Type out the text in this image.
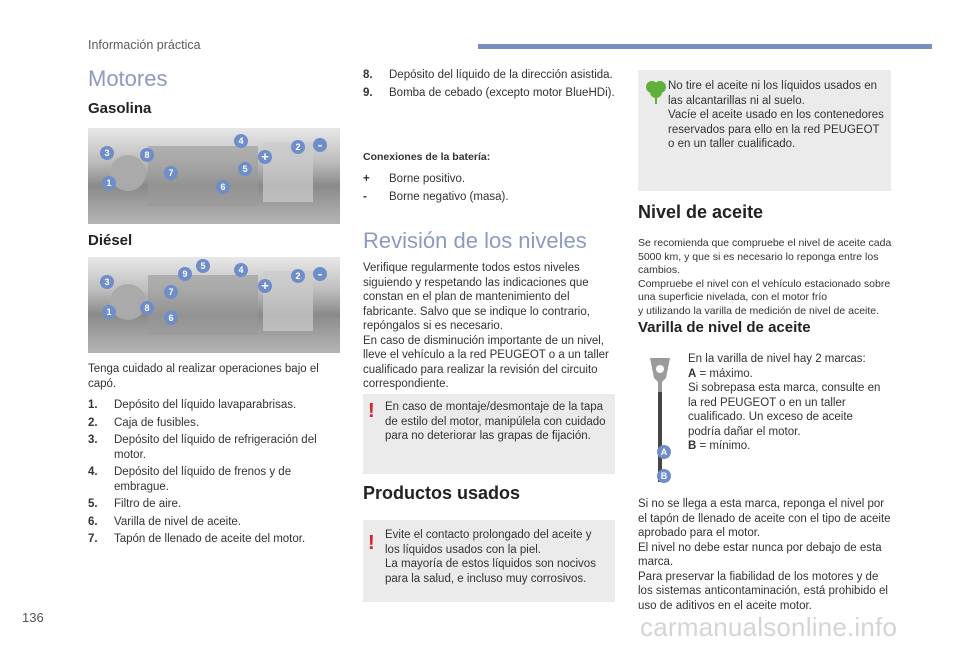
Información práctica
Motores
Gasolina
3	8
7
1
4
5
6
+
2	-
Diésel
5
9	4
3
7
8
1
6
+
2	-

Tenga cuidado al realizar operaciones bajo el capó.

1.	Depósito del líquido lavaparabrisas.
2.	Caja de fusibles.
3.	Depósito del líquido de refrigeración del motor.
4.	Depósito del líquido de frenos y de embrague.
5.	Filtro de aire.
6.	Varilla de nivel de aceite.
7.	Tapón de llenado de aceite del motor.
8.	Depósito del líquido de la dirección asistida.
9.	Bomba de cebado (excepto motor BlueHDi).

Conexiones de la batería:

+	Borne positivo.
-	Borne negativo (masa).
Revisión de los niveles

Verifique regularmente todos estos niveles siguiendo y respetando las indicaciones que constan en el plan de mantenimiento del fabricante. Salvo que se indique lo contrario, repóngalos si es necesario.
En caso de disminución importante de un nivel, lleve el vehículo a la red PEUGEOT o a un taller cualificado para realizar la revisión del circuito correspondiente.

! En caso de montaje/desmontaje de la tapa de estilo del motor, manipúlela con cuidado para no deteriorar las grapas de fijación.

Productos usados
! Evite el contacto prolongado del aceite y los líquidos usados con la piel.
La mayoría de estos líquidos son nocivos para la salud, e incluso muy corrosivos.

No tire el aceite ni los líquidos usados en las alcantarillas ni al suelo.
Vacíe el aceite usado en los contenedores reservados para ello en la red PEUGEOT o en un taller cualificado.

Nivel de aceite

Se recomienda que compruebe el nivel de aceite cada 5000 km, y que si es necesario lo reponga entre los cambios.
Compruebe el nivel con el vehículo estacionado sobre una superficie nivelada, con el motor frío
y utilizando la varilla de medición de nivel de aceite.

Varilla de nivel de aceite
A
B

En la varilla de nivel hay 2 marcas:

A = máximo.

Si sobrepasa esta marca, consulte en la red PEUGEOT o en un taller cualificado. Un exceso de aceite podría dañar el motor.

B = mínimo.

Si no se llega a esta marca, reponga el nivel por el tapón de llenado de aceite con el tipo de aceite aprobado para el motor.
El nivel no debe estar nunca por debajo de esta marca.
Para preservar la fiabilidad de los motores y de los sistemas anticontaminación, está prohibido el uso de aditivos en el aceite motor.

136	carmanualsonline.info
